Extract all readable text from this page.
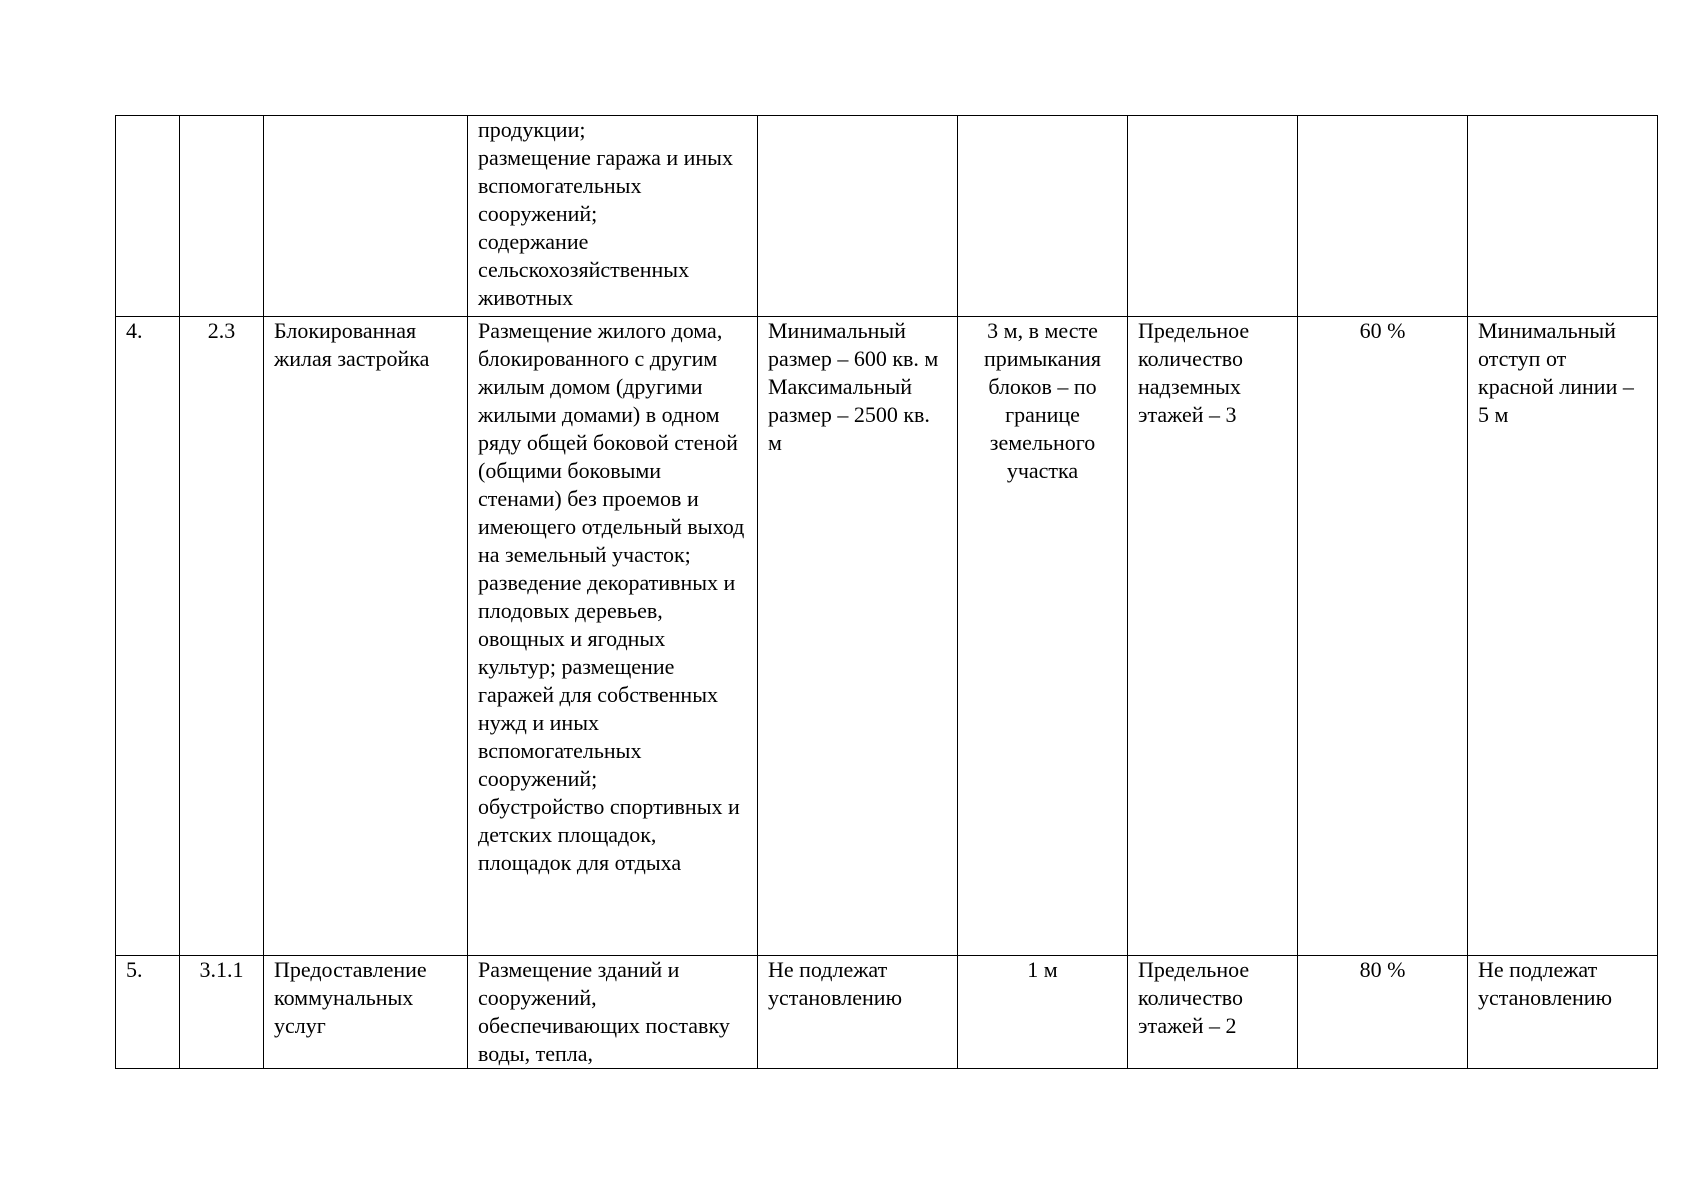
			продукции;
размещение гаража и иных вспомогательных сооружений;
содержание сельскохозяйственных животных					
4.	2.3	Блокированная жилая застройка	Размещение жилого дома, блокированного с другим жилым домом (другими жилыми домами) в одном ряду общей боковой стеной (общими боковыми стенами) без проемов и имеющего отдельный выход на земельный участок; разведение декоративных и плодовых деревьев, овощных и ягодных культур; размещение гаражей для собственных нужд и иных вспомогательных сооружений;
обустройство спортивных и детских площадок, площадок для отдыха	Минимальный размер – 600 кв. м
Максимальный размер – 2500 кв. м	3 м, в месте примыкания блоков – по границе земельного участка	Предельное количество надземных этажей – 3	60 %	Минимальный отступ от красной линии – 5 м
5.	3.1.1	Предоставление коммунальных услуг	Размещение зданий и сооружений, обеспечивающих поставку воды, тепла,	Не подлежат установлению	1 м	Предельное количество этажей – 2	80 %	Не подлежат установлению
